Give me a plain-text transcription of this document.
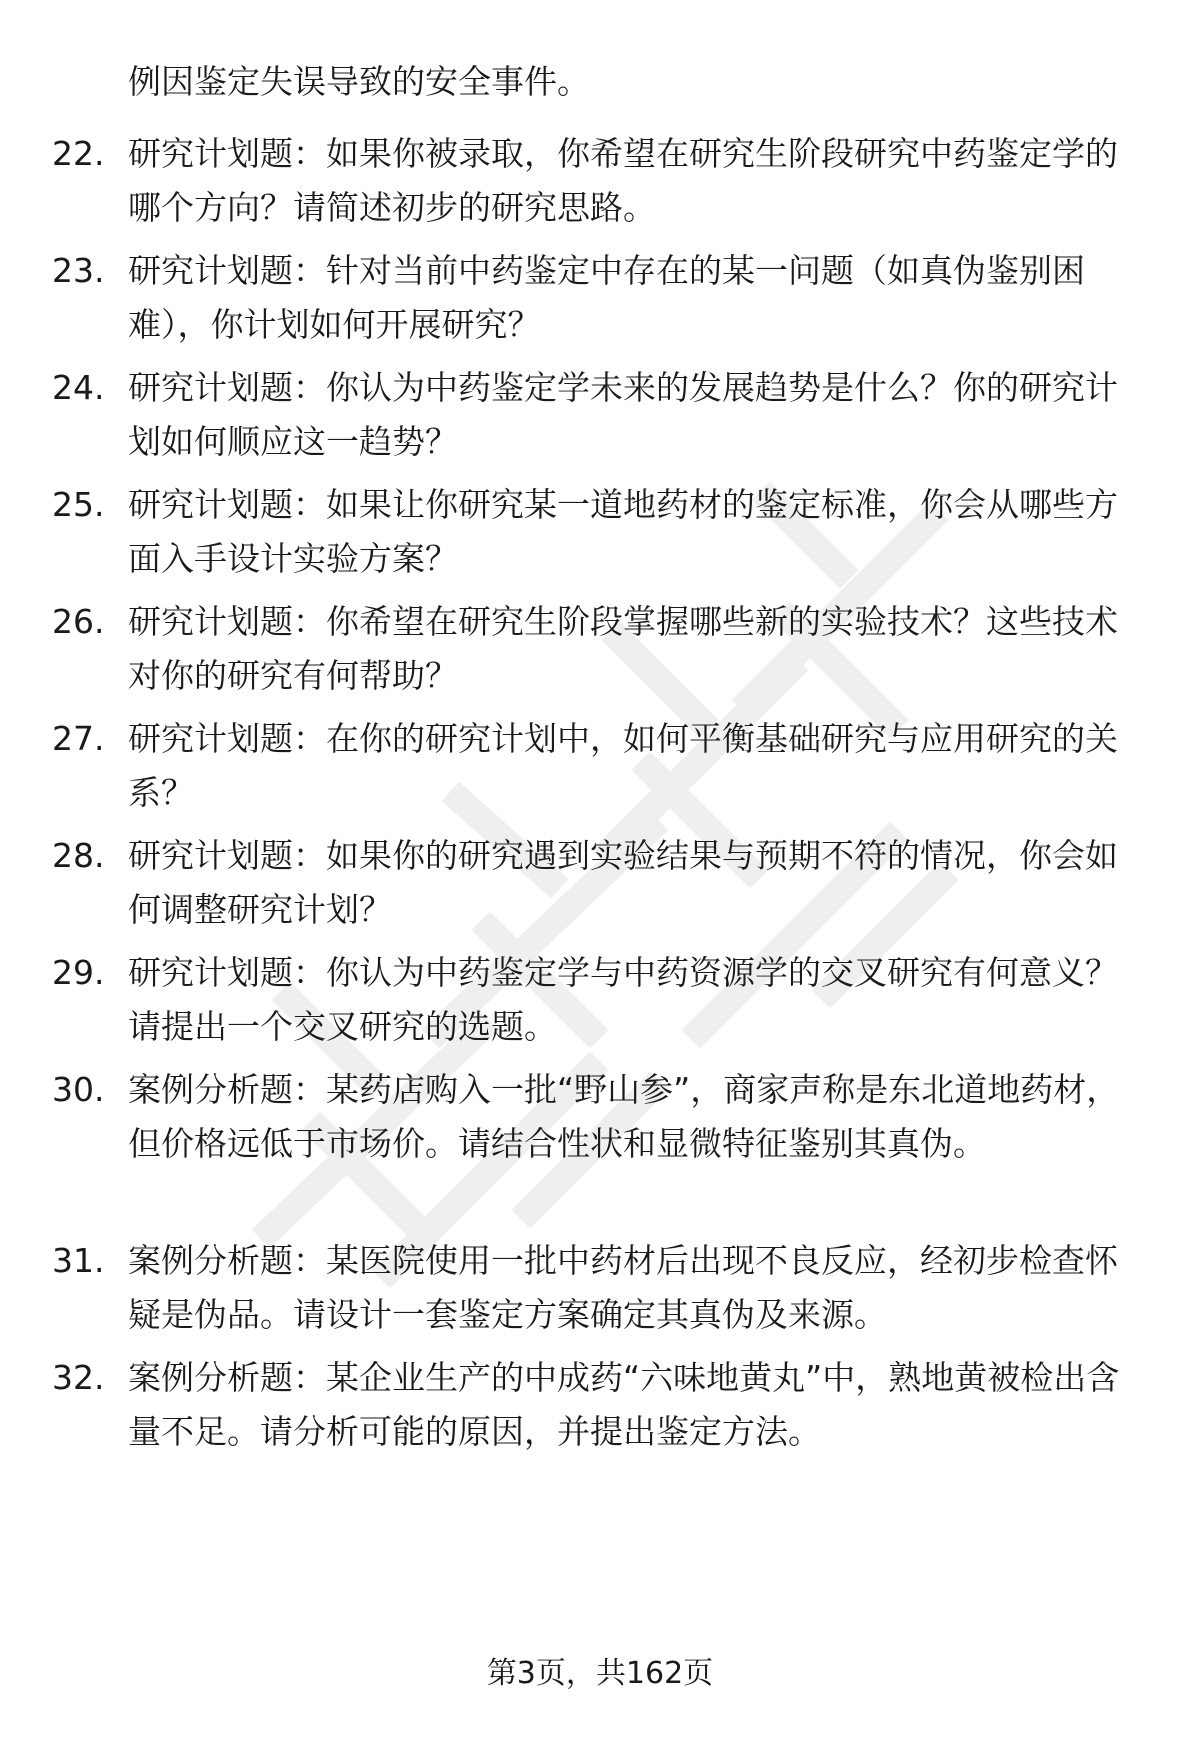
例因鉴定失误导致的安全事件。

22. 研究计划题：如果你被录取，你希望在研究生阶段研究中药鉴定学的哪个方向？请简述初步的研究思路。
23. 研究计划题：针对当前中药鉴定中存在的某一问题（如真伪鉴别困难），你计划如何开展研究？
24. 研究计划题：你认为中药鉴定学未来的发展趋势是什么？你的研究计划如何顺应这一趋势？
25. 研究计划题：如果让你研究某一道地药材的鉴定标准，你会从哪些方面入手设计实验方案？
26. 研究计划题：你希望在研究生阶段掌握哪些新的实验技术？这些技术对你的研究有何帮助？
27. 研究计划题：在你的研究计划中，如何平衡基础研究与应用研究的关系？
28. 研究计划题：如果你的研究遇到实验结果与预期不符的情况，你会如何调整研究计划？
29. 研究计划题：你认为中药鉴定学与中药资源学的交叉研究有何意义？请提出一个交叉研究的选题。
30. 案例分析题：某药店购入一批“野山参”，商家声称是东北道地药材，但价格远低于市场价。请结合性状和显微特征鉴别其真伪。
31. 案例分析题：某医院使用一批中药材后出现不良反应，经初步检查怀疑是伪品。请设计一套鉴定方案确定其真伪及来源。
32. 案例分析题：某企业生产的中成药“六味地黄丸”中，熟地黄被检出含量不足。请分析可能的原因，并提出鉴定方法。
第3页，共162页
